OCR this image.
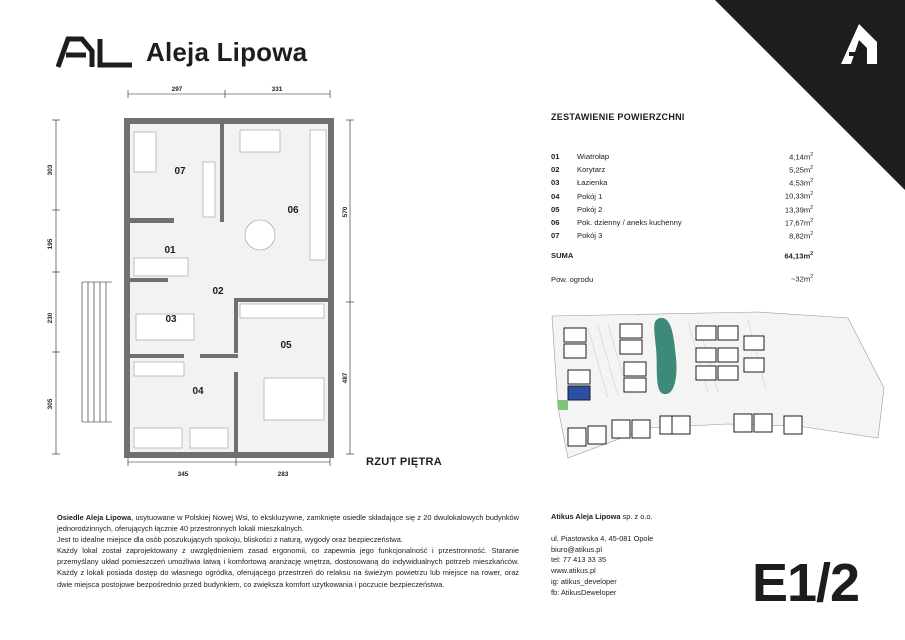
Aleja Lipowa
297	331
345	283
303
195
230
305
570
487
01
02
03
04
05
06
07
RZUT PIĘTRA
ZESTAWIENIE POWIERZCHNI
01	Wiatrołap	$4,14m^2$
02	Korytarz	$5,25m^2$
03	Łazienka	$4,53m^2$
04	Pokój 1	$10,33m^2$
05	Pokój 2	$13,39m^2$
06	Pok. dzienny / aneks kuchenny	$17,67m^2$
07	Pokój 3	$8,82m^2$
SUMA	$64,13m^2$
Pow. ogrodu	$\sim 32m^2$

Osiedle Aleja Lipowa, usytuowane w Polskiej Nowej Wsi, to ekskluzywne, zamknięte osiedle składające się z 20 dwulokalowych budynków jednorodzinnych, oferujących łącznie 40 przestronnych lokali mieszkalnych.

Jest to idealne miejsce dla osób poszukujących spokoju, bliskości z naturą, wygody oraz bezpieczeństwa.

Każdy lokal został zaprojektowany z uwzględnieniem zasad ergonomii, co zapewnia jego funkcjonalność i przestronność. Staranie przemyślany układ pomieszczeń umożliwia łatwą i komfortową aranżację wnętrza, dostosowaną do indywidualnych potrzeb mieszkańców. Każdy z lokali posiada dostęp do własnego ogródka, oferującego przestrzeń do relaksu na świeżym powietrzu lub miejsce na rower, oraz dwie miejsca postojowe bezpośrednio przed budynkiem, co zwiększa komfort użytkowania i poczucie bezpieczeństwa.

Atikus Aleja Lipowa sp. z o.o.
ul. Piastowska 4, 45-081 Opole
biuro@atikus.pl
tel: 77 413 33 35
www.atikus.pl
ig: atikus_developer
fb: AtikusDeweloper	E1/2
